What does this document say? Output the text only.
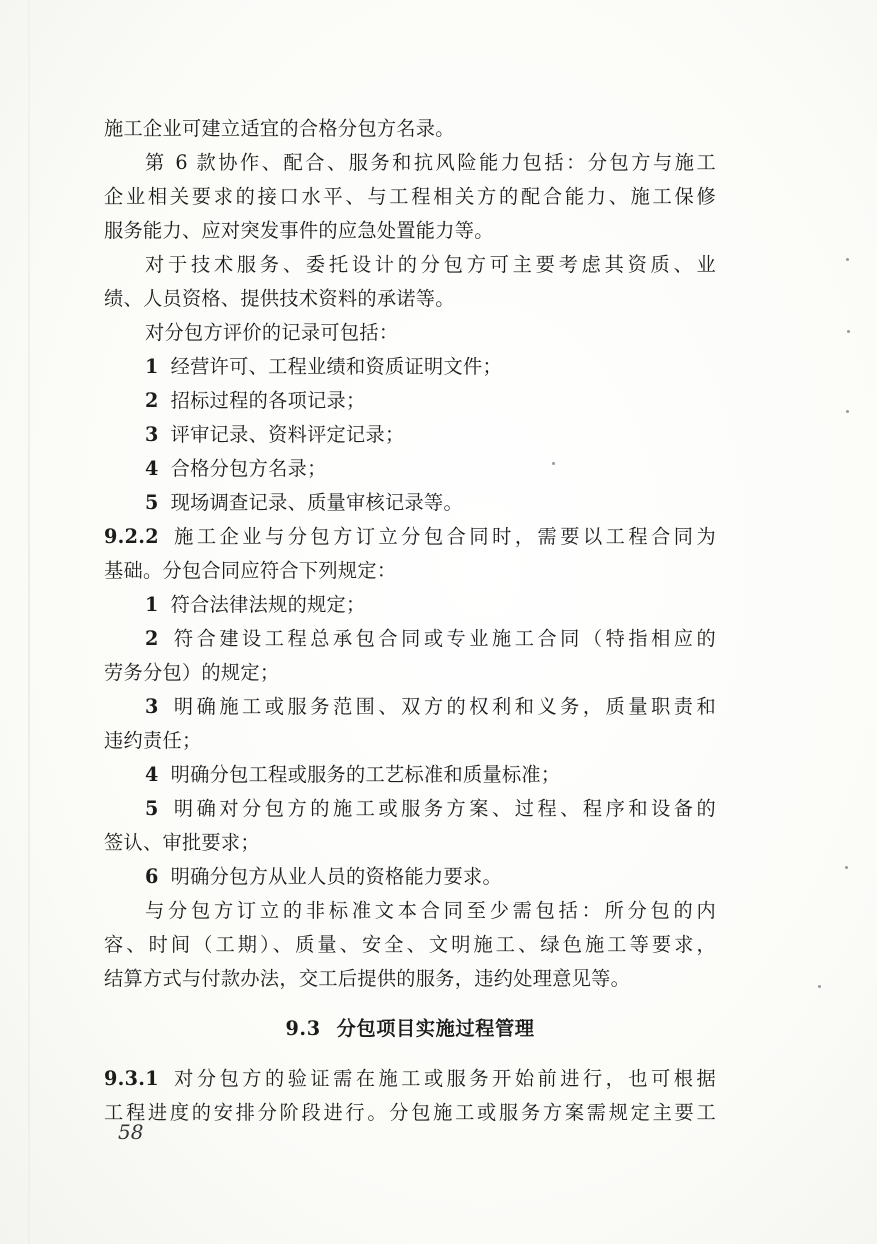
施工企业可建立适宜的合格分包方名录。
第 6 款协作、配合、服务和抗风险能力包括：分包方与施工
企业相关要求的接口水平、与工程相关方的配合能力、施工保修
服务能力、应对突发事件的应急处置能力等。
对于技术服务、委托设计的分包方可主要考虑其资质、业
绩、人员资格、提供技术资料的承诺等。
对分包方评价的记录可包括：
1 经营许可、工程业绩和资质证明文件；
2 招标过程的各项记录；
3 评审记录、资料评定记录；
4 合格分包方名录；
5 现场调查记录、质量审核记录等。
9.2.2 施工企业与分包方订立分包合同时，需要以工程合同为
基础。分包合同应符合下列规定：
1 符合法律法规的规定；
2 符合建设工程总承包合同或专业施工合同（特指相应的
劳务分包）的规定；
3 明确施工或服务范围、双方的权利和义务，质量职责和
违约责任；
4 明确分包工程或服务的工艺标准和质量标准；
5 明确对分包方的施工或服务方案、过程、程序和设备的
签认、审批要求；
6 明确分包方从业人员的资格能力要求。
与分包方订立的非标准文本合同至少需包括：所分包的内
容、时间（工期）、质量、安全、文明施工、绿色施工等要求，
结算方式与付款办法，交工后提供的服务，违约处理意见等。
9.3 分包项目实施过程管理
9.3.1 对分包方的验证需在施工或服务开始前进行，也可根据
工程进度的安排分阶段进行。分包施工或服务方案需规定主要工
58
